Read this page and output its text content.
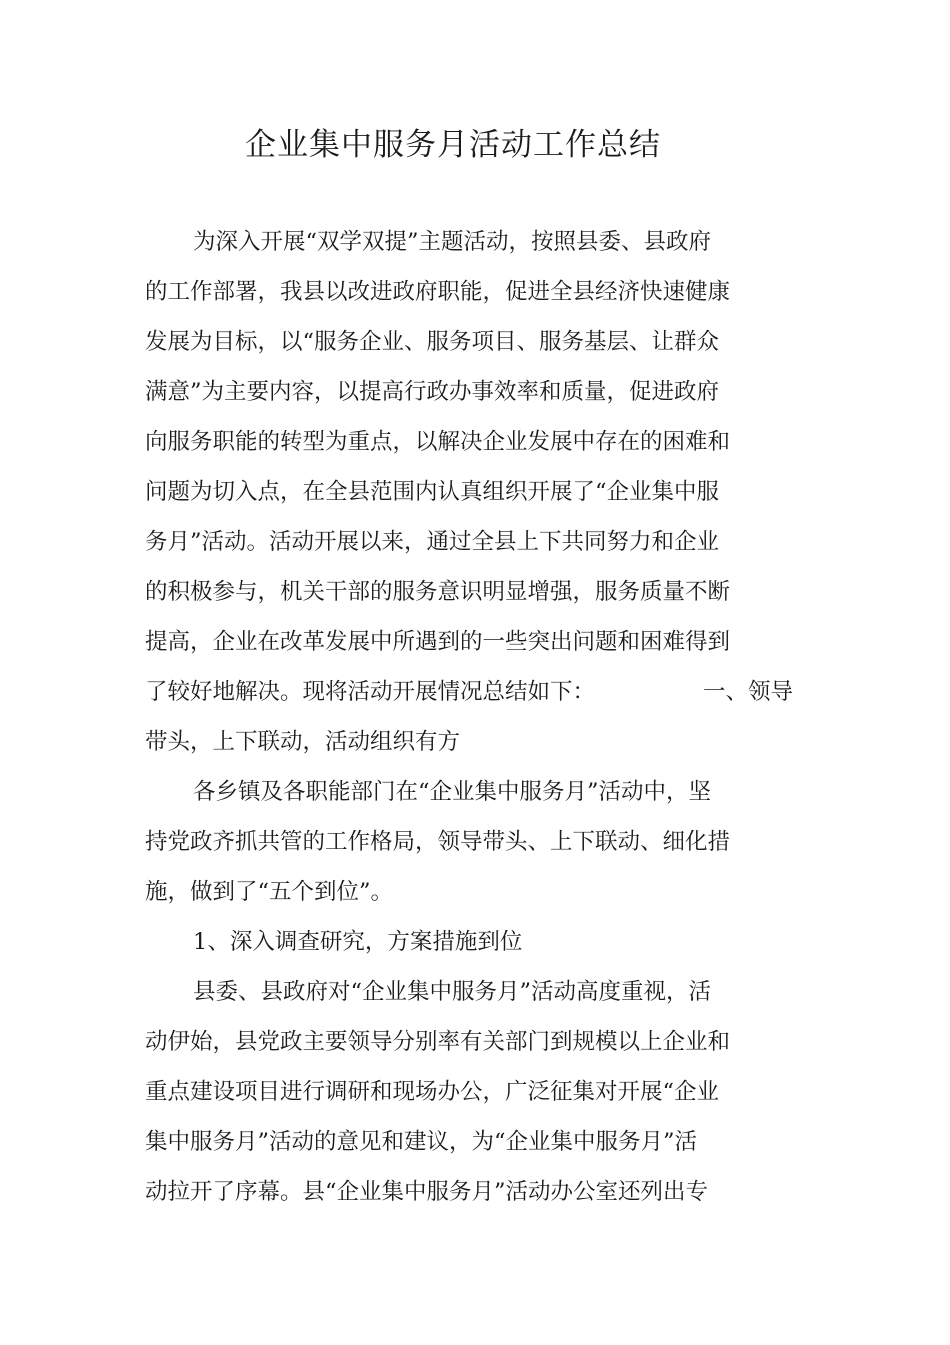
企业集中服务月活动工作总结
为深入开展“双学双提”主题活动，按照县委、县政府
的工作部署，我县以改进政府职能，促进全县经济快速健康
发展为目标，以“服务企业、服务项目、服务基层、让群众
满意”为主要内容，以提高行政办事效率和质量，促进政府
向服务职能的转型为重点，以解决企业发展中存在的困难和
问题为切入点，在全县范围内认真组织开展了“企业集中服
务月”活动。活动开展以来，通过全县上下共同努力和企业
的积极参与，机关干部的服务意识明显增强，服务质量不断
提高，企业在改革发展中所遇到的一些突出问题和困难得到
了较好地解决。现将活动开展情况总结如下：	一、领导
带头，上下联动，活动组织有方
各乡镇及各职能部门在“企业集中服务月”活动中，坚
持党政齐抓共管的工作格局，领导带头、上下联动、细化措
施，做到了“五个到位”。
1、深入调查研究，方案措施到位
县委、县政府对“企业集中服务月”活动高度重视，活
动伊始，县党政主要领导分别率有关部门到规模以上企业和
重点建设项目进行调研和现场办公，广泛征集对开展“企业
集中服务月”活动的意见和建议，为“企业集中服务月”活
动拉开了序幕。县“企业集中服务月”活动办公室还列出专
